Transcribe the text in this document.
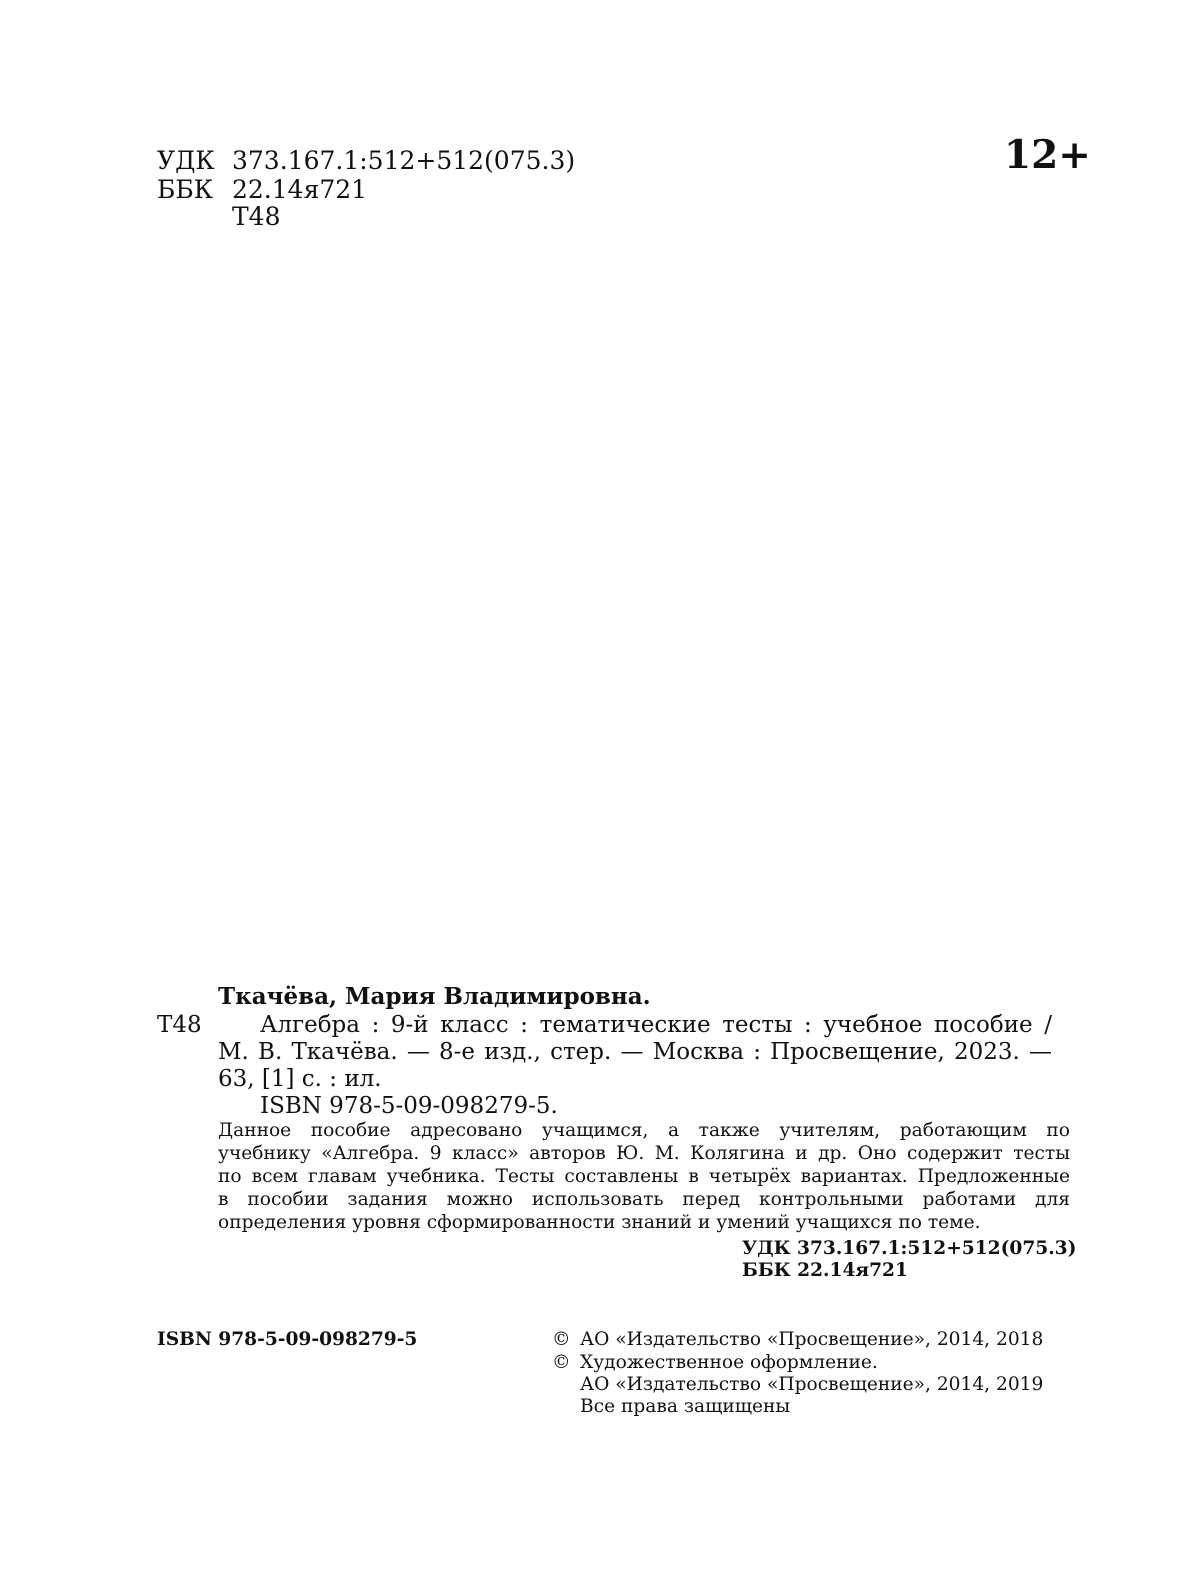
УДК 373.167.1:512+512(075.3)
ББК 22.14я721
Т48
12+
Ткачёва, Мария Владимировна.
Т48	Алгебра : 9-й класс : тематические тесты : учебное пособие /
М. В. Ткачёва. — 8-е изд., стер. — Москва : Просвещение, 2023. —
63, [1] с. : ил.
ISBN 978-5-09-098279-5.
Данное пособие адресовано учащимся, а также учителям, работающим по
учебнику «Алгебра. 9 класс» авторов Ю. М. Колягина и др. Оно содержит тесты
по всем главам учебника. Тесты составлены в четырёх вариантах. Предложенные
в пособии задания можно использовать перед контрольными работами для
определения уровня сформированности знаний и умений учащихся по теме.
УДК 373.167.1:512+512(075.3)
ББК 22.14я721
ISBN 978-5-09-098279-5	© АО «Издательство «Просвещение», 2014, 2018
© Художественное оформление.
АО «Издательство «Просвещение», 2014, 2019
Все права защищены
